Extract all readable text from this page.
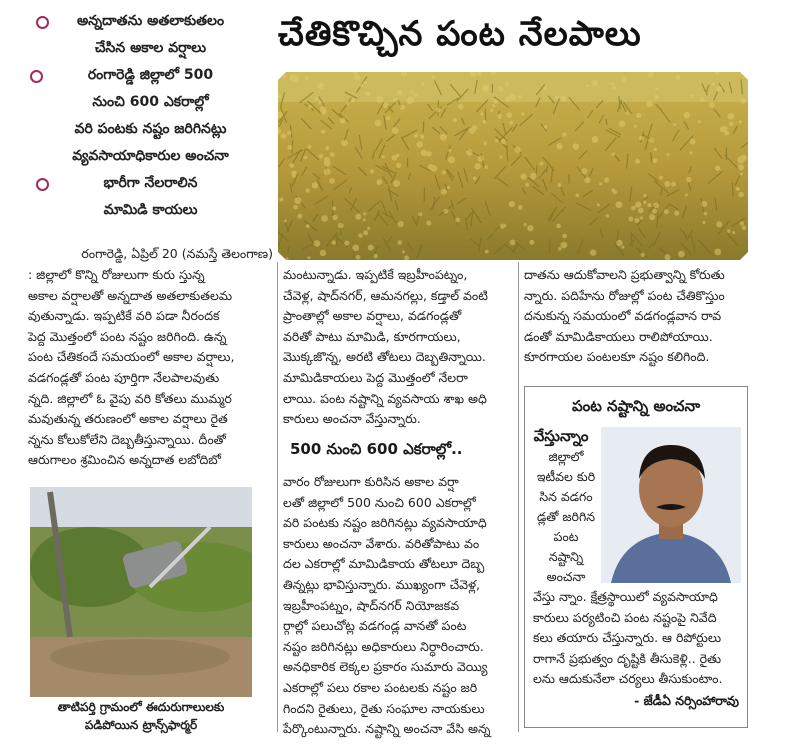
అన్నదాతను అతలాకుతలం
చేసిన అకాల వర్షాలు
రంగారెడ్డి జిల్లాలో 500
నుంచి 600 ఎకరాల్లో
వరి పంటకు నష్టం జరిగినట్లు
వ్యవసాయాధికారుల అంచనా
భారీగా నేలరాలిన
మామిడి కాయలు
చేతికొచ్చిన పంట నేలపాలు
రంగారెడ్డి, ఏప్రిల్ 20 (నమస్తే తెలంగాణ)
: జిల్లాలో కొన్ని రోజులుగా కురు స్తున్న
అకాల వర్షాలతో అన్నదాత అతలాకుతలమ
వుతున్నాడు. ఇప్పటికే వరి పడా నీరందక
పెద్ద మొత్తంలో పంట నష్టం జరిగింది. ఉన్న
పంట చేతికందే సమయంలో అకాల వర్షాలు,
వడగండ్లతో పంట పూర్తిగా నేలపాలవుతు
న్నది. జిల్లాలో ఓ వైపు వరి కోతలు ముమ్మర
మవుతున్న తరుణంలో అకాల వర్షాలు రైత
న్నను కోలుకోలేని దెబ్బతీస్తున్నాయి. దీంతో
ఆరుగాలం శ్రమించిన అన్నదాత లబోదిబో
తాటిపర్తి గ్రామంలో ఈదురుగాలులకు
పడిపోయిన ట్రాన్స్‌ఫార్మర్
మంటున్నాడు. ఇప్పటికే ఇబ్రహీంపట్నం,
చేవెళ్ల, షాద్‌నగర్, ఆమనగల్లు, కడ్తాల్ వంటి
ప్రాంతాల్లో అకాల వర్షాలు, వడగండ్లతో
వరితో పాటు మామిడి, కూరగాయలు,
మొక్కజొన్న, అరటి తోటలు దెబ్బతిన్నాయి.
మామిడికాయలు పెద్ద మొత్తంలో నేలరా
లాయి. పంట నష్టాన్ని వ్యవసాయ శాఖ అధి
కారులు అంచనా వేస్తున్నారు.
500 నుంచి 600 ఎకరాల్లో..
వారం రోజులుగా కురిసిన అకాల వర్షా
లతో జిల్లాలో 500 నుంచి 600 ఎకరాల్లో
వరి పంటకు నష్టం జరిగినట్లు వ్యవసాయాధి
కారులు అంచనా వేశారు. వరితోపాటు వం
దల ఎకరాల్లో మామిడికాయ తోటలూ దెబ్బ
తిన్నట్లు భావిస్తున్నారు. ముఖ్యంగా చేవెళ్ల,
ఇబ్రహీంపట్నం, షాద్‌నగర్ నియోజకవ
ర్గాల్లో పలుచోట్ల వడగండ్ల వానతో పంట
నష్టం జరిగినట్లు అధికారులు నిర్ధారించారు.
అనధికారిక లెక్కల ప్రకారం సుమారు వెయ్యి
ఎకరాల్లో పలు రకాల పంటలకు నష్టం జరి
గిందని రైతులు, రైతు సంఘాల నాయకులు
పేర్కొంటున్నారు. నష్టాన్ని అంచనా వేసి అన్న
దాతను ఆదుకోవాలని ప్రభుత్వాన్ని కోరుతు
న్నారు. పదిహేను రోజుల్లో పంట చేతికొస్తుం
దనుకున్న సమయంలో వడగండ్లవాన రావ
డంతో మామిడికాయలు రాలిపోయాయి.
కూరగాయల పంటలకూ నష్టం కలిగింది.
పంట నష్టాన్ని అంచనా
వేస్తున్నాం
జిల్లాలో
ఇటీవల కురి
సిన వడగం
డ్లతో జరిగిన
పంట
నష్టాన్ని
అంచనా
వేస్తు న్నాం. క్షేత్రస్థాయిలో వ్యవసాయాధి
కారులు పర్యటించి పంట నష్టంపై నివేది
కలు తయారు చేస్తున్నారు. ఆ రిపోర్టులు
రాగానే ప్రభుత్వం దృష్టికి తీసుకెళ్లి.. రైతు
లను ఆదుకునేలా చర్యలు తీసుకుంటాం.
- జేడీఏ నర్సింహారావు
